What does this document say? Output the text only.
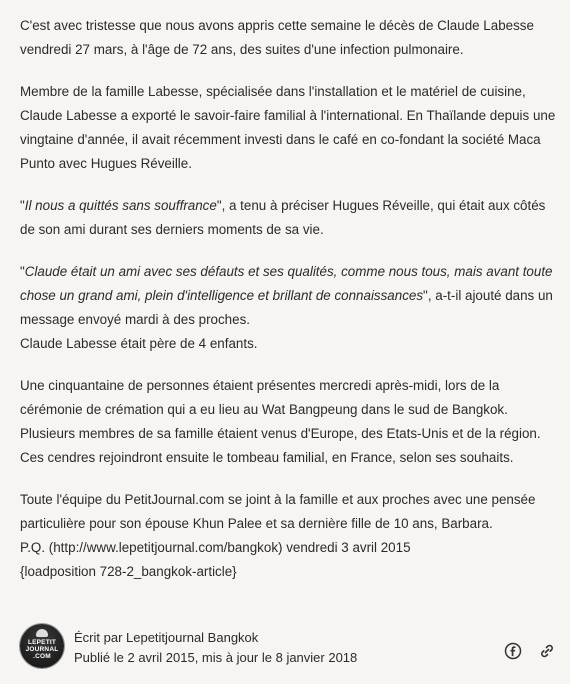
C'est avec tristesse que nous avons appris cette semaine le décès de Claude Labesse vendredi 27 mars, à l'âge de 72 ans, des suites d'une infection pulmonaire.

Membre de la famille Labesse, spécialisée dans l'installation et le matériel de cuisine, Claude Labesse a exporté le savoir-faire familial à l'international. En Thaïlande depuis une vingtaine d'année, il avait récemment investi dans le café en co-fondant la société Maca Punto avec Hugues Réveille.

"Il nous a quittés sans souffrance", a tenu à préciser Hugues Réveille, qui était aux côtés de son ami durant ses derniers moments de sa vie.

"Claude était un ami avec ses défauts et ses qualités, comme nous tous, mais avant toute chose un grand ami, plein d'intelligence et brillant de connaissances", a-t-il ajouté dans un message envoyé mardi à des proches.
Claude Labesse était père de 4 enfants.

Une cinquantaine de personnes étaient présentes mercredi après-midi, lors de la cérémonie de crémation qui a eu lieu au Wat Bangpeung dans le sud de Bangkok. Plusieurs membres de sa famille étaient venus d'Europe, des Etats-Unis et de la région. Ces cendres rejoindront ensuite le tombeau familial, en France, selon ses souhaits.

Toute l'équipe du PetitJournal.com se joint à la famille et aux proches avec une pensée particulière pour son épouse Khun Palee et sa dernière fille de 10 ans, Barbara.
P.Q. (http://www.lepetitjournal.com/bangkok) vendredi 3 avril 2015
{loadposition 728-2_bangkok-article}

LEPETIT JOURNAL .COM
Écrit par Lepetitjournal Bangkok
Publié le 2 avril 2015, mis à jour le 8 janvier 2018
